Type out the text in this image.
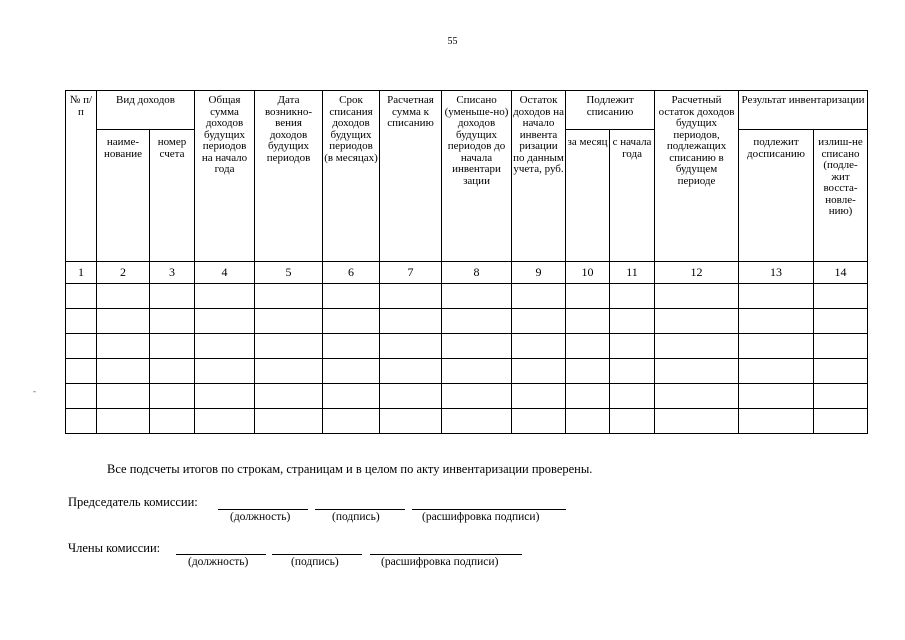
55
-
№ п/п	Вид доходов		Общая сумма доходов будущих периодов на начало года	Дата возникно-вения доходов будущих периодов	Срок списания доходов будущих периодов (в месяцах)	Расчетная сумма к списанию	Списано (уменьше-но) доходов будущих периодов до начала инвентари зации	Остаток доходов на начало инвента ризации по данным учета, руб.	Подлежит списанию		Расчетный остаток доходов будущих периодов, подлежащих списанию в будущем периоде	Результат инвентаризации	
	наиме-нование	номер счета							за месяц	с начала года		подлежит досписанию	излиш-не списано (подле-жит восста-новле-нию)
1	2	3	4	5	6	7	8	9	10	11	12	13	14

Все подсчеты итогов по строкам, страницам и в целом по акту инвентаризации проверены.
Председатель комиссии:
(должность)	(подпись)	(расшифровка подписи)
Члены комиссии:
(должность)	(подпись)	(расшифровка подписи)
